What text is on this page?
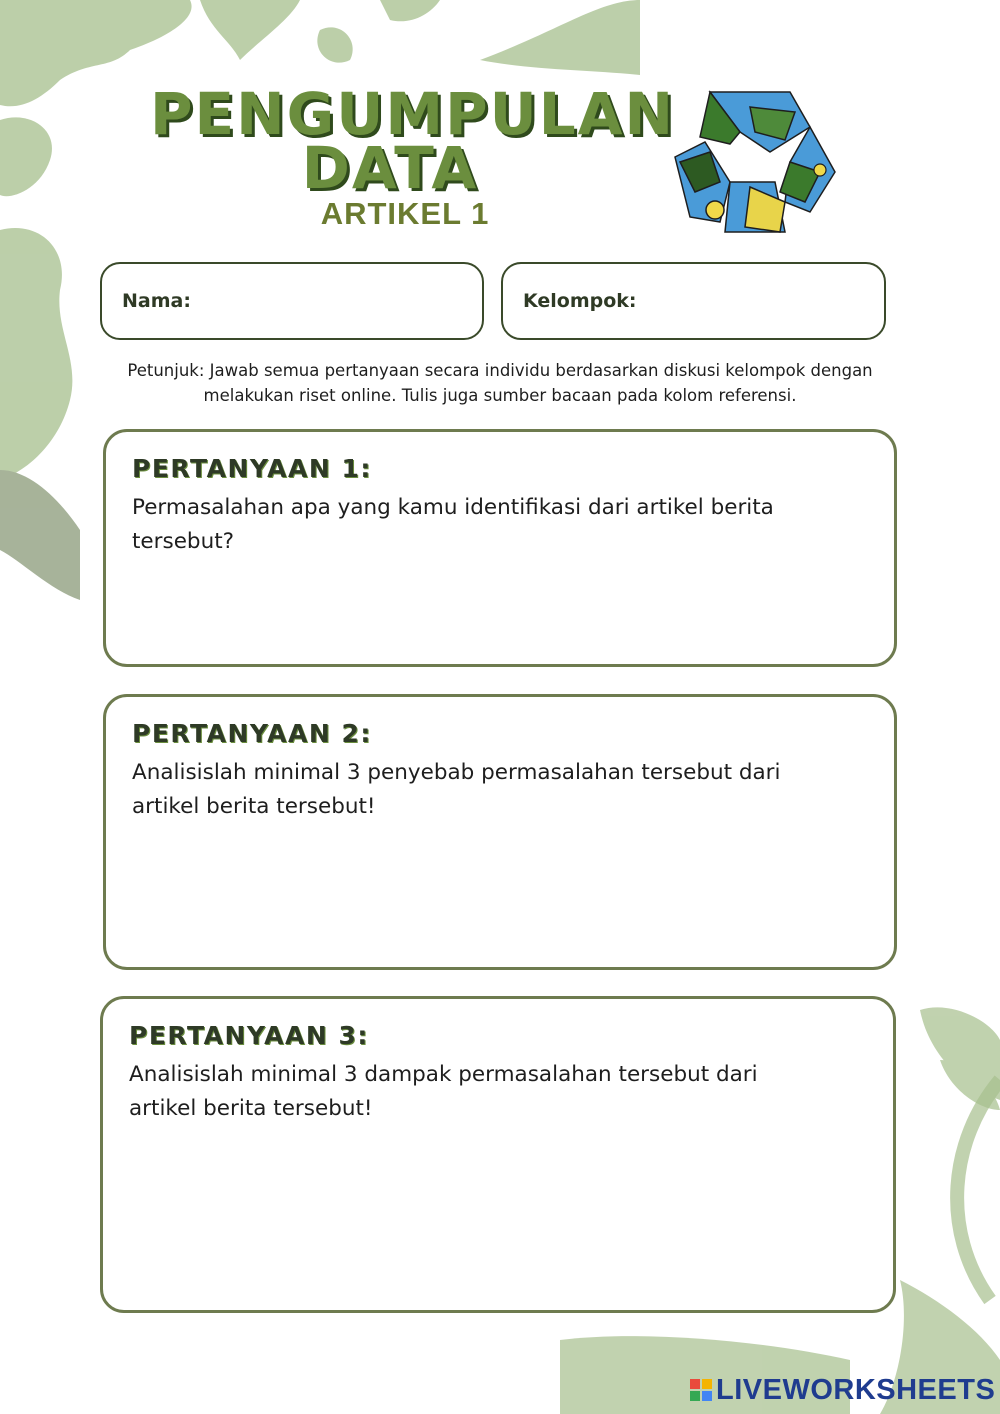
PENGUMPULAN
DATA
ARTIKEL 1
Nama:	Kelompok:
Petunjuk: Jawab semua pertanyaan secara individu berdasarkan diskusi kelompok dengan melakukan riset online. Tulis juga sumber bacaan pada kolom referensi.
PERTANYAAN 1:
Permasalahan apa yang kamu identifikasi dari artikel berita tersebut?
PERTANYAAN 2:
Analisislah minimal 3 penyebab permasalahan tersebut dari artikel berita tersebut!
PERTANYAAN 3:
Analisislah minimal 3 dampak permasalahan tersebut dari artikel berita tersebut!
LIVEWORKSHEETS
